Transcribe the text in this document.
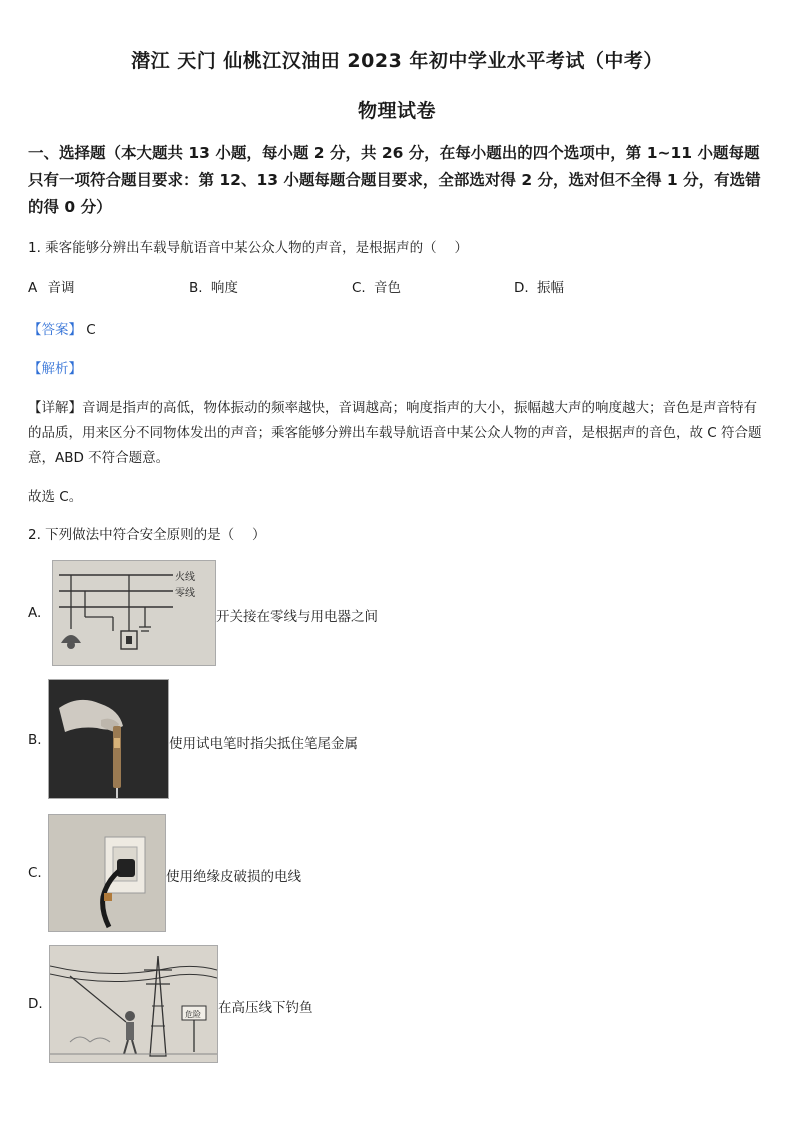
潜江 天门 仙桃江汉油田 2023 年初中学业水平考试（中考）
物理试卷
一、选择题（本大题共 13 小题，每小题 2 分，共 26 分，在每小题出的四个选项中，第 1~11 小题每题只有一项符合题目要求：第 12、13 小题每题合题目要求，全部选对得 2 分，选对但不全得 1 分，有选错的得 0 分）
1. 乘客能够分辨出车载导航语音中某公众人物的声音，是根据声的（　 ）
A 音调	B. 响度	C. 音色	D. 振幅
【答案】 C
【解析】
【详解】音调是指声的高低，物体振动的频率越快，音调越高；响度指声的大小，振幅越大声的响度越大；音色是声音特有的品质，用来区分不同物体发出的声音；乘客能够分辨出车载导航语音中某公众人物的声音，是根据声的音色，故 C 符合题意，ABD 不符合题意。
故选 C。
2. 下列做法中符合安全原则的是（　 ）
A.
火线
零线
开关接在零线与用电器之间
B.	使用试电笔时指尖抵住笔尾金属
C.	使用绝缘皮破损的电线
D.
危险 在高压线下钓鱼
